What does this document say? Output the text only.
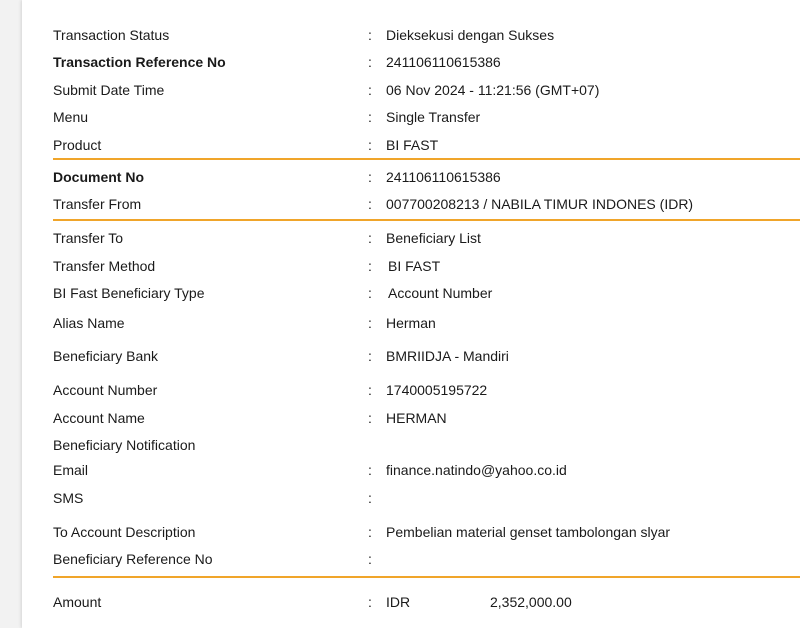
Transaction Status	: Dieksekusi dengan Sukses
Transaction Reference No	: 241106110615386
Submit Date Time	: 06 Nov 2024 - 11:21:56 (GMT+07)
Menu	: Single Transfer
Product	: BI FAST
Document No	: 241106110615386
Transfer From	: 007700208213 / NABILA TIMUR INDONES (IDR)
Transfer To	: Beneficiary List
Transfer Method	: BI FAST
BI Fast Beneficiary Type	: Account Number
Alias Name	: Herman
Beneficiary Bank	: BMRIIDJA - Mandiri
Account Number	: 1740005195722
Account Name	: HERMAN
Beneficiary Notification
Email	: finance.natindo@yahoo.co.id
SMS	:
To Account Description	: Pembelian material genset tambolongan slyar
Beneficiary Reference No	:
Amount	: IDR	2,352,000.00
